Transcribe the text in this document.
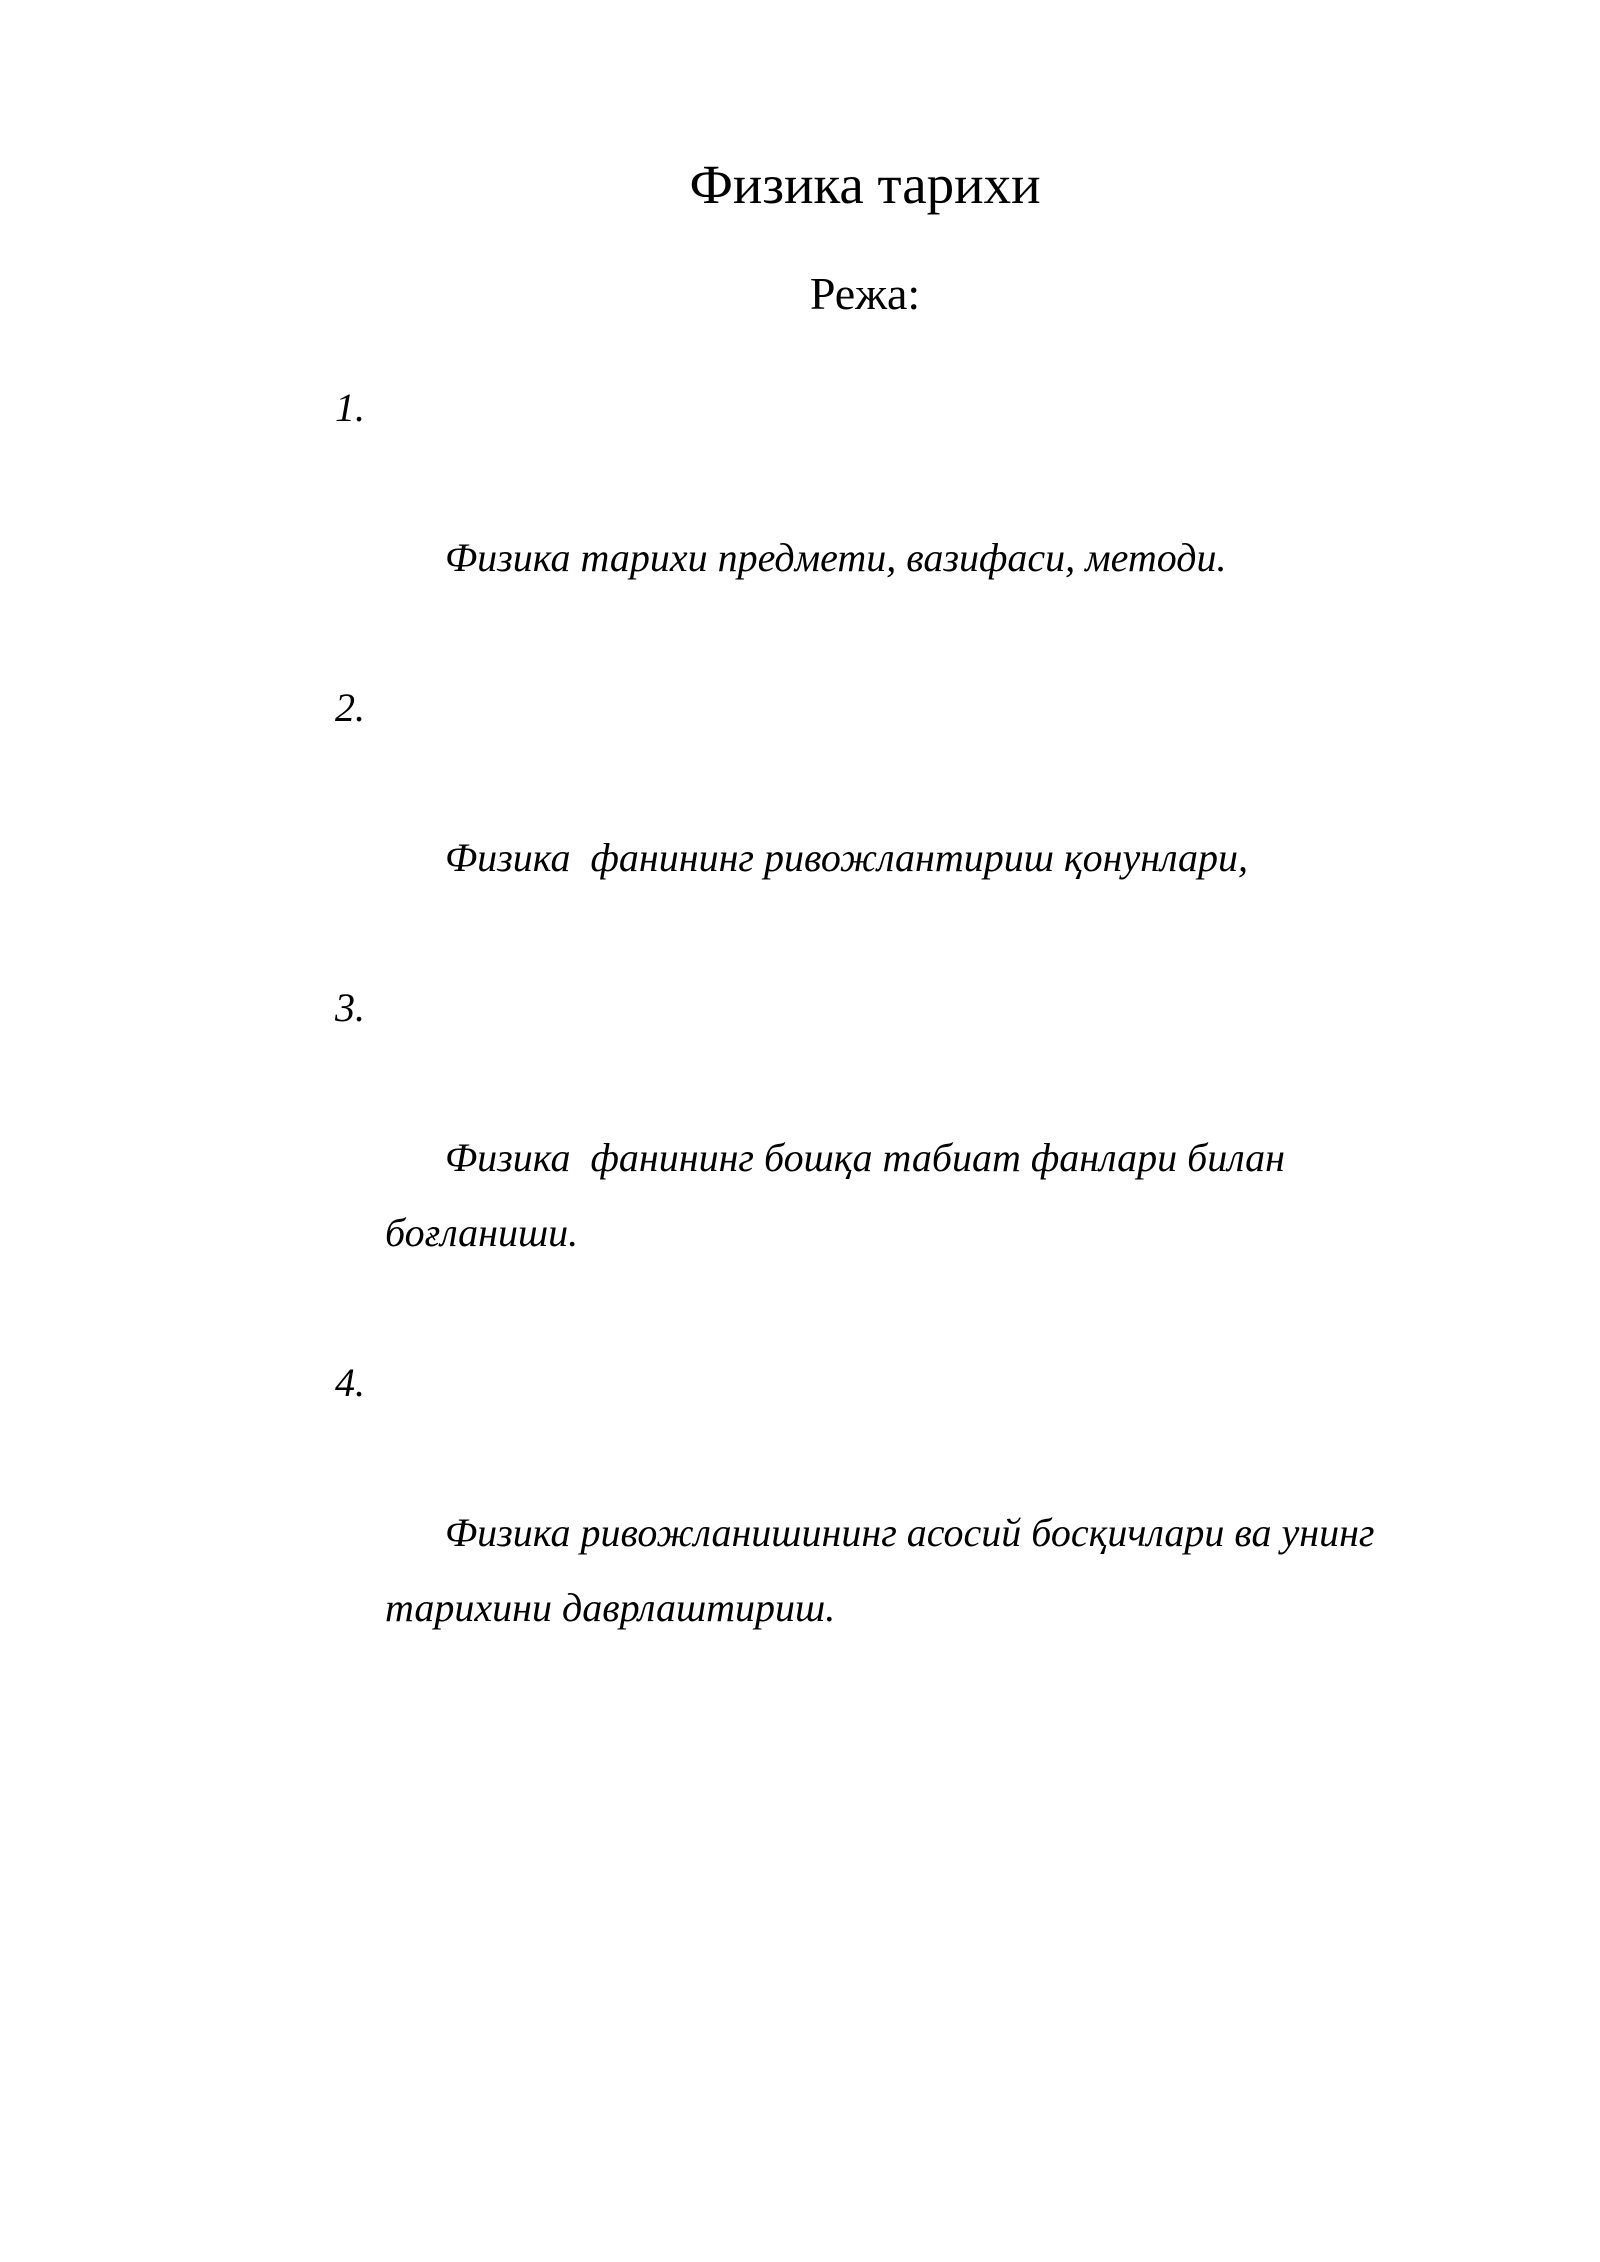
Физика тарихи
Режа:

1.

Физика тарихи предмети, вазифаси, методи.

2.

Физика  фанининг ривожлантириш қонунлари,

3.

Физика  фанининг бошқа табиат фанлари билан боғланиши.

4.

Физика ривожланишининг асосий босқичлари ва унинг тарихини даврлаштириш.
